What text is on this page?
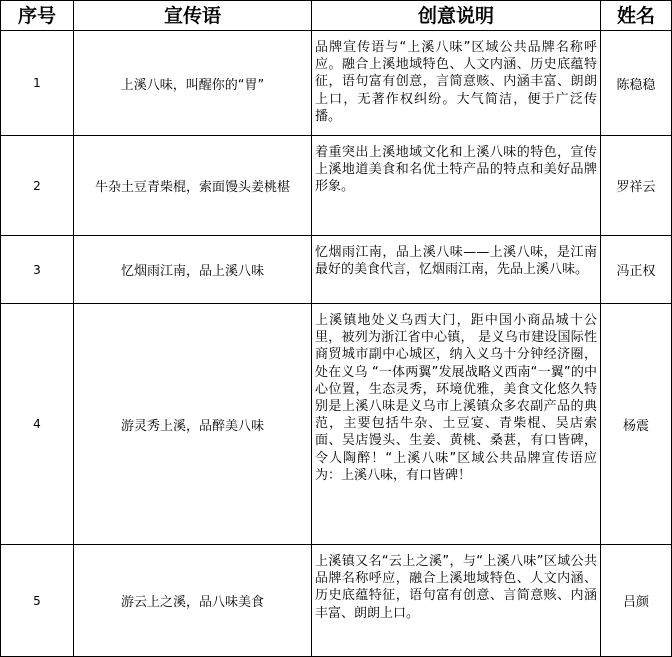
序号	宣传语	创意说明	姓名
1	上溪八味，叫醒你的“胃”	品牌宣传语与“上溪八味”区域公共品牌名称呼应。融合上溪地域特色、人文内涵、历史底蕴特征，语句富有创意，言简意赅、内涵丰富、朗朗上口，无著作权纠纷。大气简洁，便于广泛传播。	陈稳稳
2	牛杂土豆青柴棍，索面馒头姜桃椹	着重突出上溪地域文化和上溪八味的特色，宣传上溪地道美食和名优土特产品的特点和美好品牌形象。	罗祥云
3	忆烟雨江南，品上溪八味	忆烟雨江南，品上溪八味——上溪八味，是江南最好的美食代言，忆烟雨江南，先品上溪八味。	冯正权
4	游灵秀上溪，品醉美八味	上溪镇地处义乌西大门，距中国小商品城十公里，被列为浙江省中心镇， 是义乌市建设国际性商贸城市副中心城区，纳入义乌十分钟经济圈，处在义乌 “一体两翼”发展战略义西南“一翼”的中心位置，生态灵秀，环境优雅，美食文化悠久特别是上溪八味是义乌市上溪镇众多农副产品的典范，主要包括牛杂、土豆宴、青柴棍、吴店索面、吴店馒头、生姜、黄桃、桑葚，有口皆碑，令人陶醉！“上溪八味”区域公共品牌宣传语应为：上溪八味，有口皆碑！	杨震
5	游云上之溪，品八味美食	上溪镇又名“云上之溪”，与“上溪八味”区域公共品牌名称呼应，融合上溪地域特色、人文内涵、历史底蕴特征，语句富有创意、言简意赅、内涵丰富、朗朗上口。	吕颜
